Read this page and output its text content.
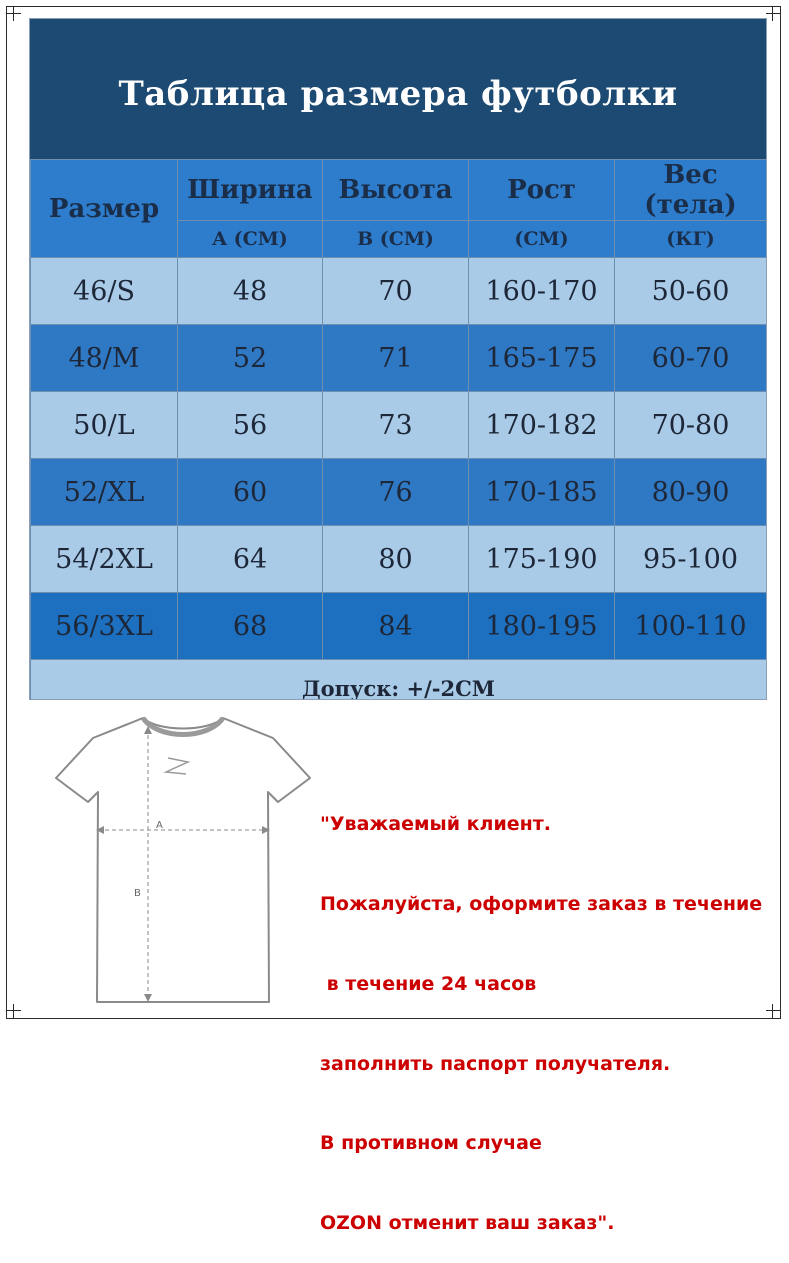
Таблица размера футболки
Размер	Ширина	Высота	Рост	Вес (тела)
	A (CM)	B (CM)	(CM)	(КГ)
46/S	48	70	160-170	50-60
48/M	52	71	165-175	60-70
50/L	56	73	170-182	70-80
52/XL	60	76	170-185	80-90
54/2XL	64	80	175-190	95-100
56/3XL	68	84	180-195	100-110
Допуск: +/-2CM				
A
B

"Уважаемый клиент.

Пожалуйста, оформите заказ в течение

в течение 24 часов

заполнить паспорт получателя.

В противном случае

OZON отменит ваш заказ".
